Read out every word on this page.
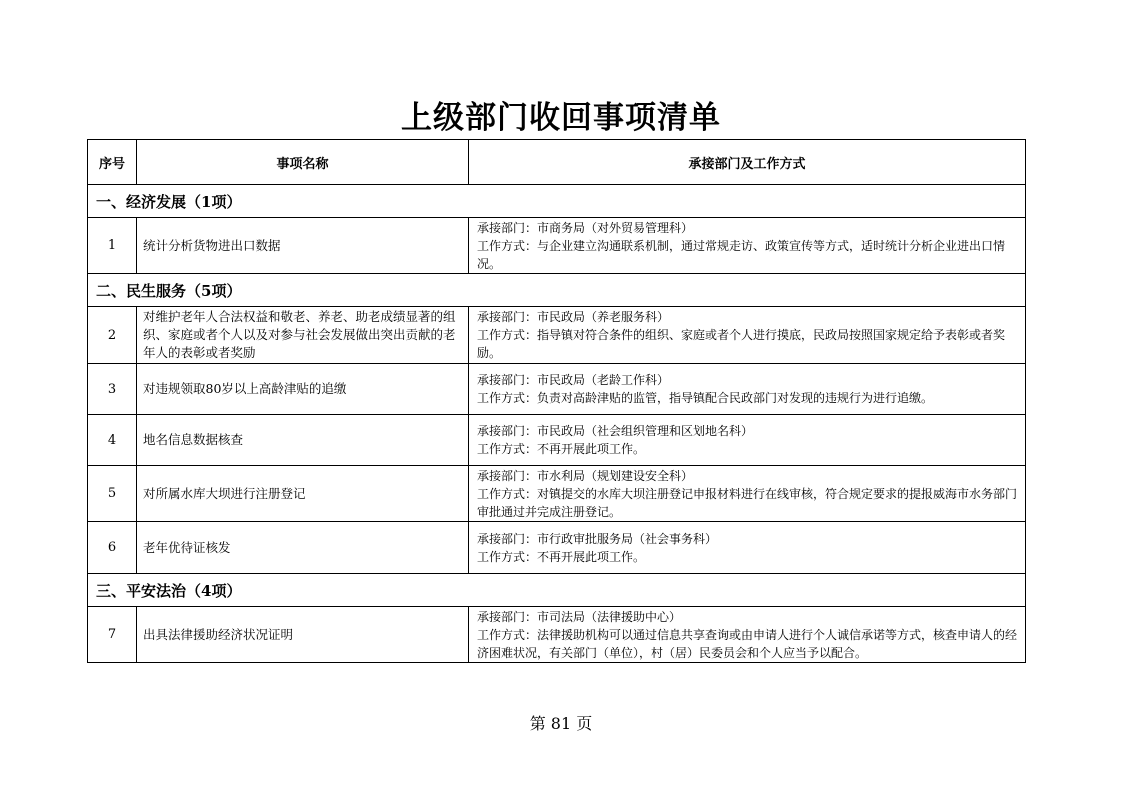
上级部门收回事项清单
序号	事项名称	承接部门及工作方式
一、经济发展（1项）		
1	统计分析货物进出口数据	承接部门：市商务局（对外贸易管理科）
工作方式：与企业建立沟通联系机制，通过常规走访、政策宣传等方式，适时统计分析企业进出口情况。

二、民生服务（5项）		
2	对维护老年人合法权益和敬老、养老、助老成绩显著的组织、家庭或者个人以及对参与社会发展做出突出贡献的老年人的表彰或者奖励	承接部门：市民政局（养老服务科）
工作方式：指导镇对符合条件的组织、家庭或者个人进行摸底，民政局按照国家规定给予表彰或者奖励。

3	对违规领取80岁以上高龄津贴的追缴	承接部门：市民政局（老龄工作科）
工作方式：负责对高龄津贴的监管，指导镇配合民政部门对发现的违规行为进行追缴。

4	地名信息数据核查	承接部门：市民政局（社会组织管理和区划地名科）
工作方式：不再开展此项工作。

5	对所属水库大坝进行注册登记	承接部门：市水利局（规划建设安全科）
工作方式：对镇提交的水库大坝注册登记申报材料进行在线审核，符合规定要求的提报威海市水务部门审批通过并完成注册登记。

6	老年优待证核发	承接部门：市行政审批服务局（社会事务科）
工作方式：不再开展此项工作。

三、平安法治（4项）		
7	出具法律援助经济状况证明	承接部门：市司法局（法律援助中心）
工作方式：法律援助机构可以通过信息共享查询或由申请人进行个人诚信承诺等方式，核查申请人的经济困难状况，有关部门（单位），村（居）民委员会和个人应当予以配合。
第 81 页
